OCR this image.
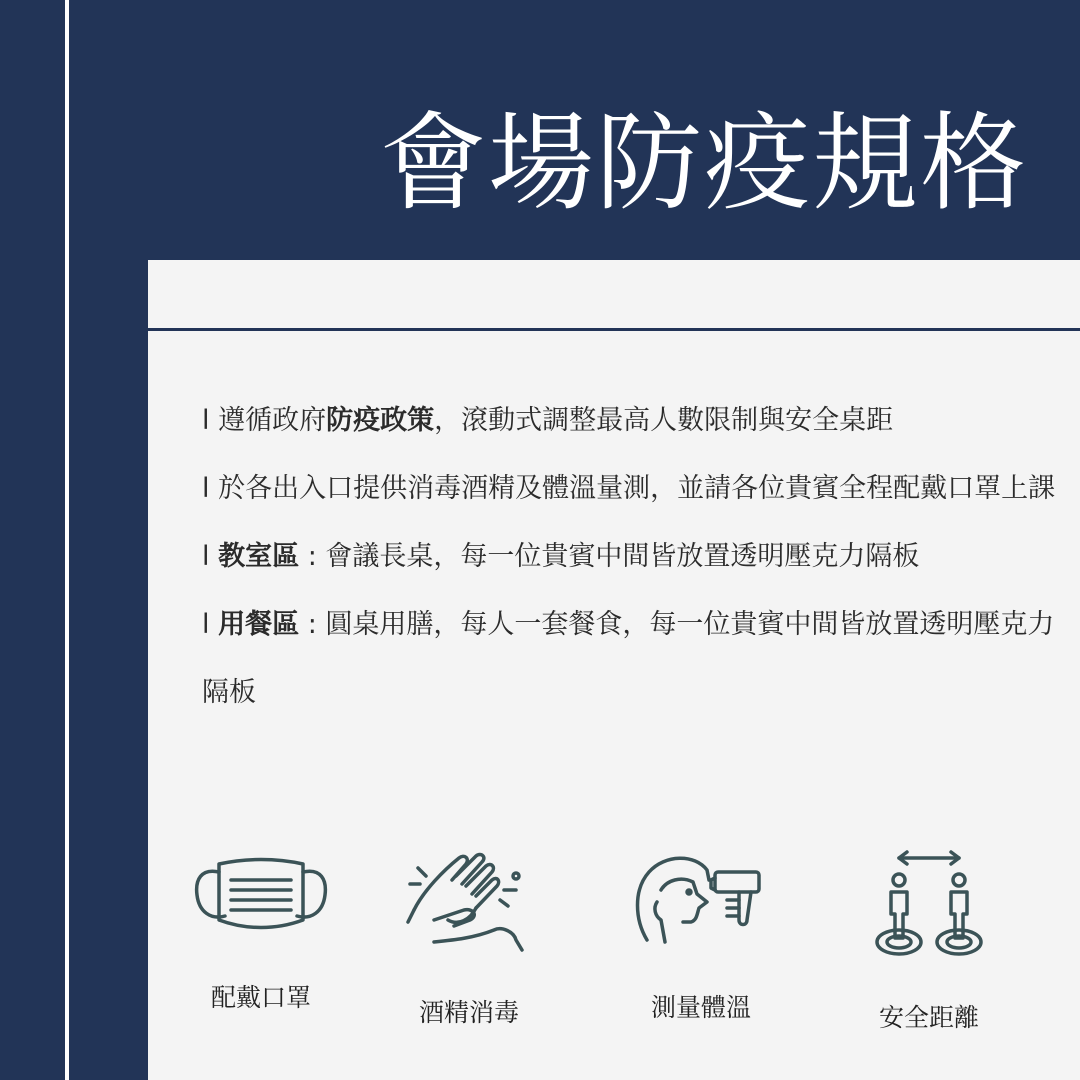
會場防疫規格

l 遵循政府防疫政策，滾動式調整最高人數限制與安全桌距

l 於各出入口提供消毒酒精及體溫量測，並請各位貴賓全程配戴口罩上課

l 教室區 : 會議長桌，每一位貴賓中間皆放置透明壓克力隔板

l 用餐區 : 圓桌用膳，每人一套餐食，每一位貴賓中間皆放置透明壓克力隔板

配戴口罩
酒精消毒	測量體溫	安全距離
